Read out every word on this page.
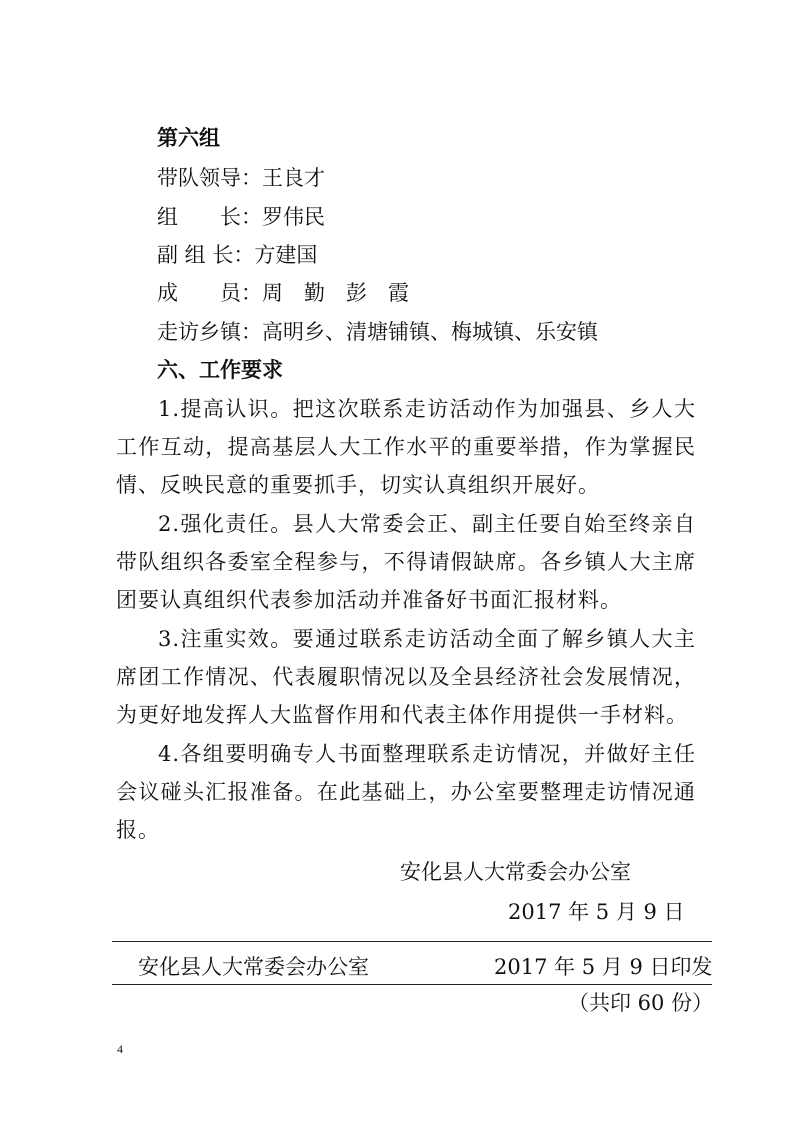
第六组
带队领导：王良才
组　　长：罗伟民
副 组 长：方建国
成　　员：周　勤　彭　霞
走访乡镇：高明乡、清塘铺镇、梅城镇、乐安镇
六、工作要求
1.提高认识。把这次联系走访活动作为加强县、乡人大工作互动，提高基层人大工作水平的重要举措，作为掌握民情、反映民意的重要抓手，切实认真组织开展好。
2.强化责任。县人大常委会正、副主任要自始至终亲自带队组织各委室全程参与，不得请假缺席。各乡镇人大主席团要认真组织代表参加活动并准备好书面汇报材料。
3.注重实效。要通过联系走访活动全面了解乡镇人大主席团工作情况、代表履职情况以及全县经济社会发展情况，为更好地发挥人大监督作用和代表主体作用提供一手材料。
4.各组要明确专人书面整理联系走访情况，并做好主任会议碰头汇报准备。在此基础上，办公室要整理走访情况通报。
安化县人大常委会办公室
2017 年 5 月 9 日
安化县人大常委会办公室	2017 年 5 月 9 日印发
（共印 60 份）
4
